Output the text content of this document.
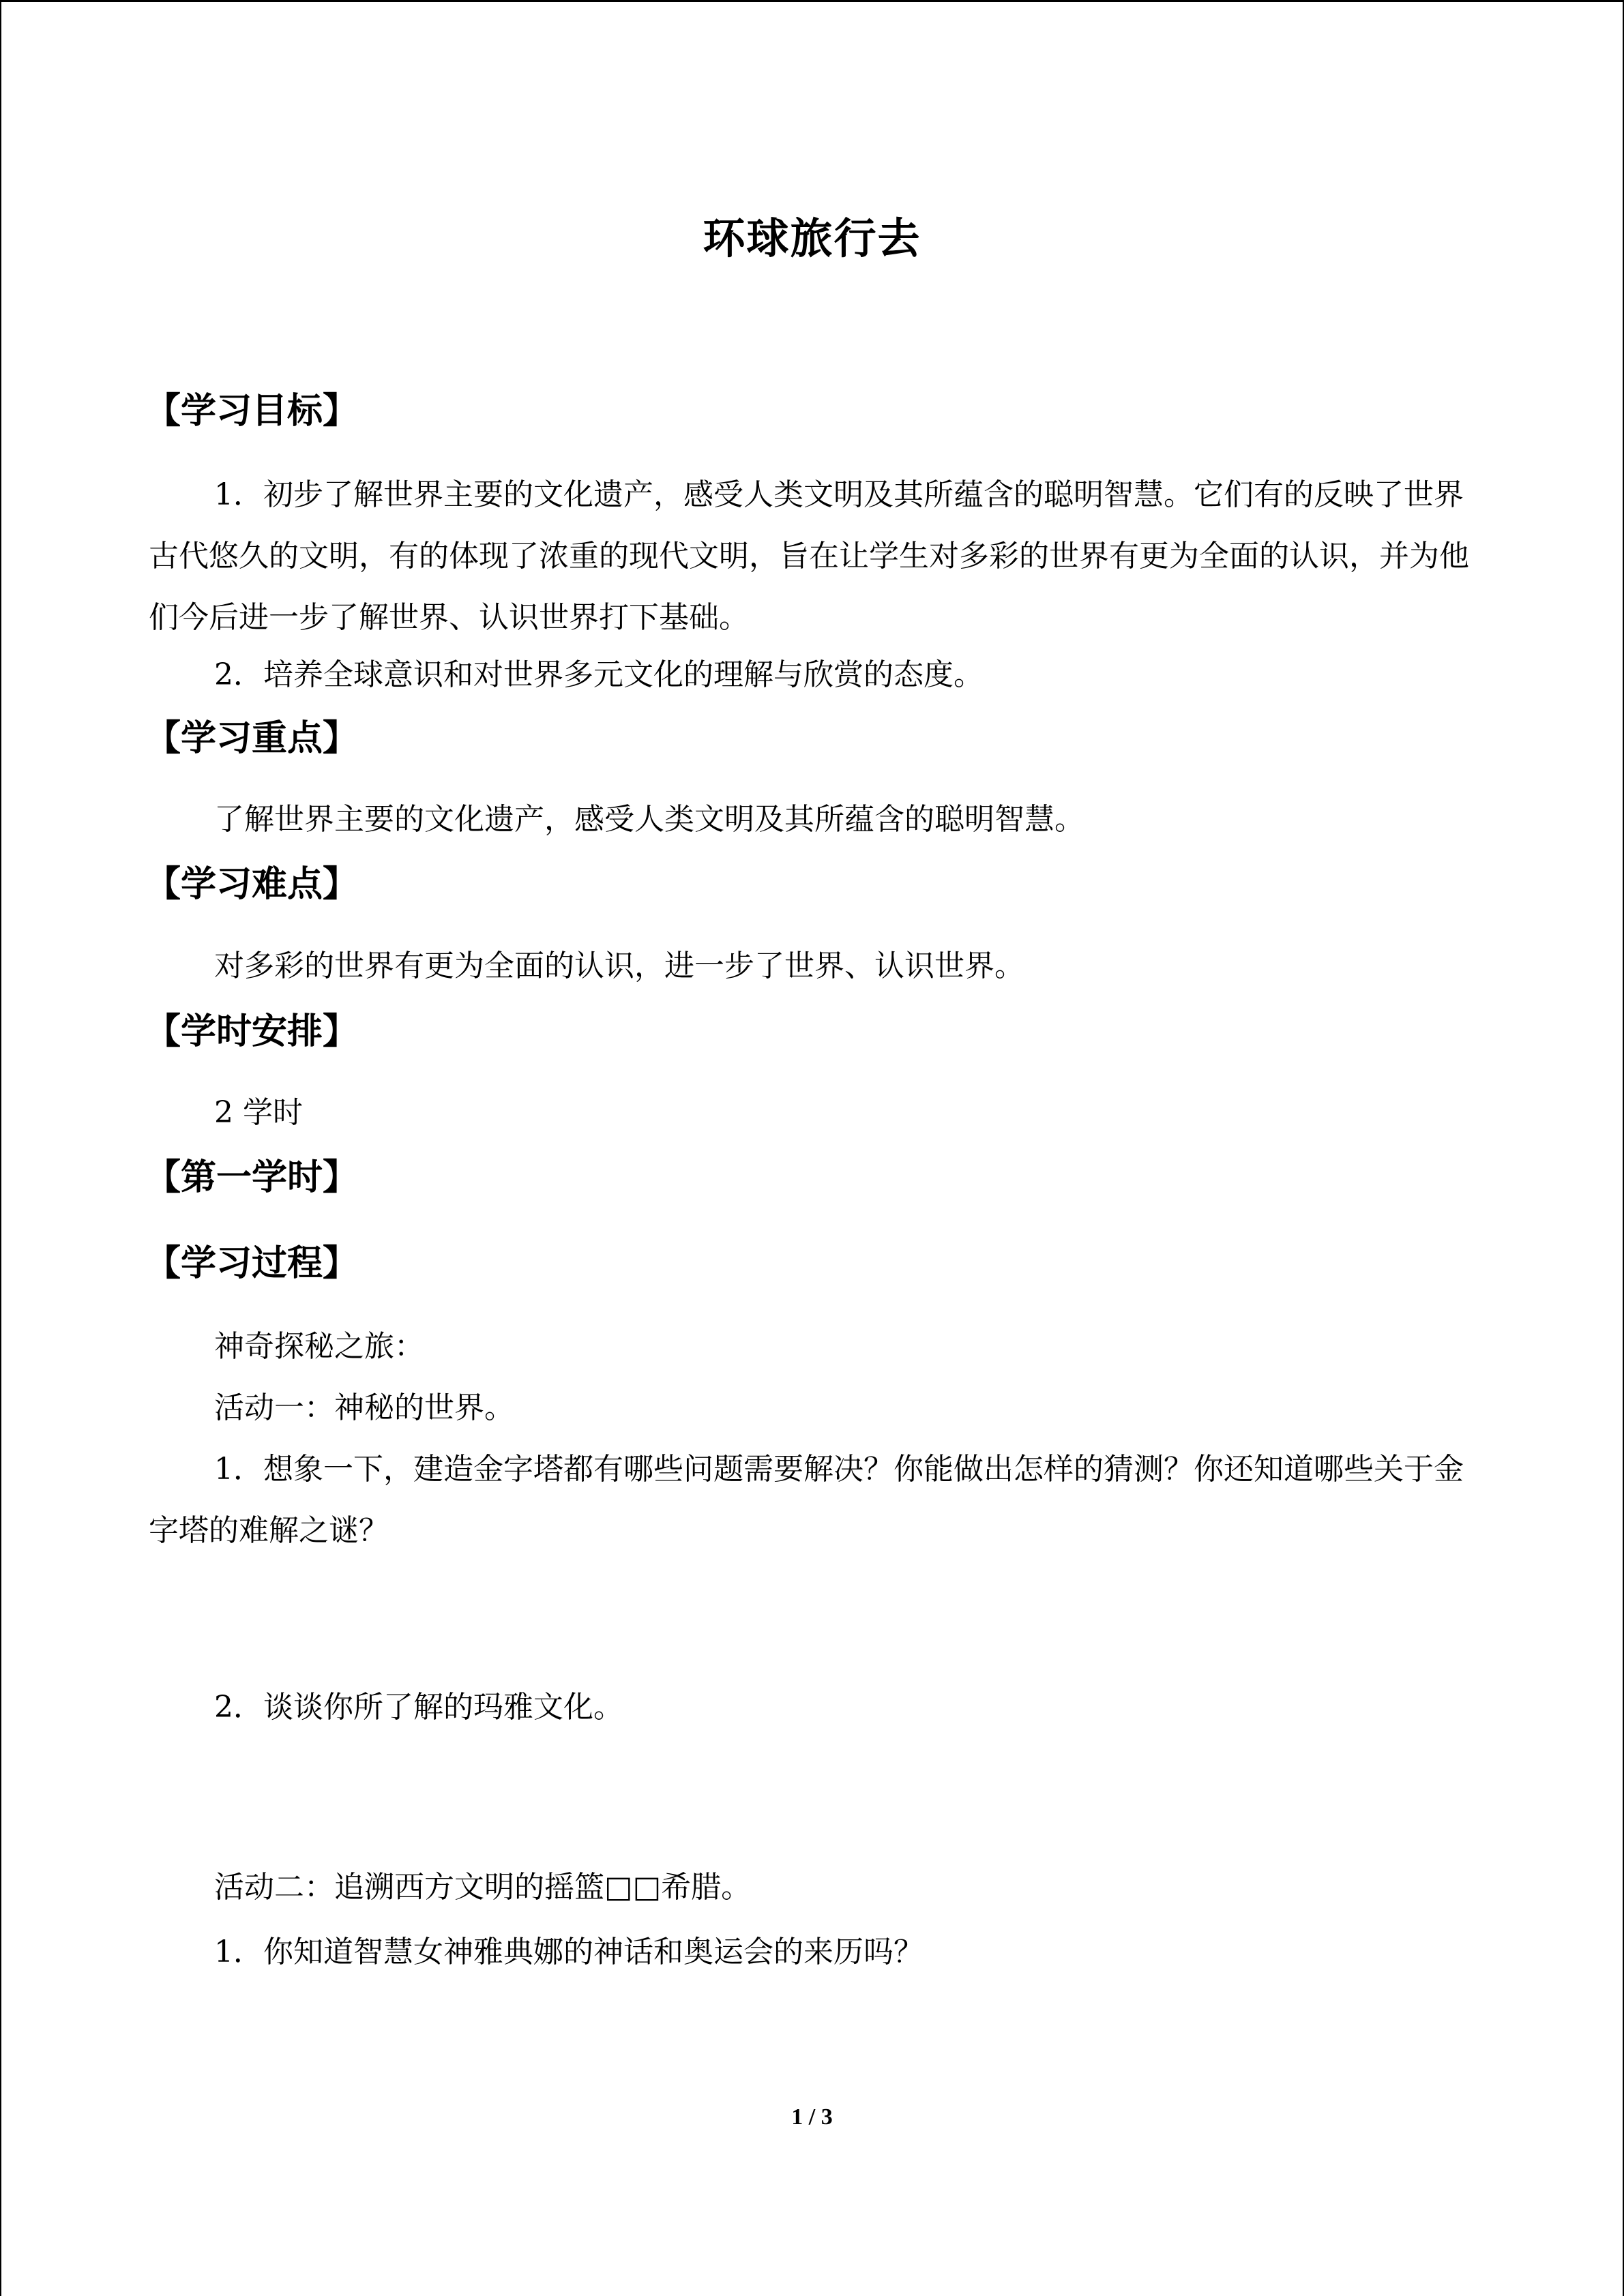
环球旅行去
【学习目标】
1．初步了解世界主要的文化遗产，感受人类文明及其所蕴含的聪明智慧。它们有的反映了世界古代悠久的文明，有的体现了浓重的现代文明，旨在让学生对多彩的世界有更为全面的认识，并为他们今后进一步了解世界、认识世界打下基础。
2．培养全球意识和对世界多元文化的理解与欣赏的态度。
【学习重点】
了解世界主要的文化遗产，感受人类文明及其所蕴含的聪明智慧。
【学习难点】
对多彩的世界有更为全面的认识，进一步了世界、认识世界。
【学时安排】
2 学时
【第一学时】
【学习过程】
神奇探秘之旅：
活动一：神秘的世界。
1．想象一下，建造金字塔都有哪些问题需要解决？你能做出怎样的猜测？你还知道哪些关于金字塔的难解之谜？
2．谈谈你所了解的玛雅文化。
活动二：追溯西方文明的摇篮□□希腊。
1．你知道智慧女神雅典娜的神话和奥运会的来历吗？
1 / 3
